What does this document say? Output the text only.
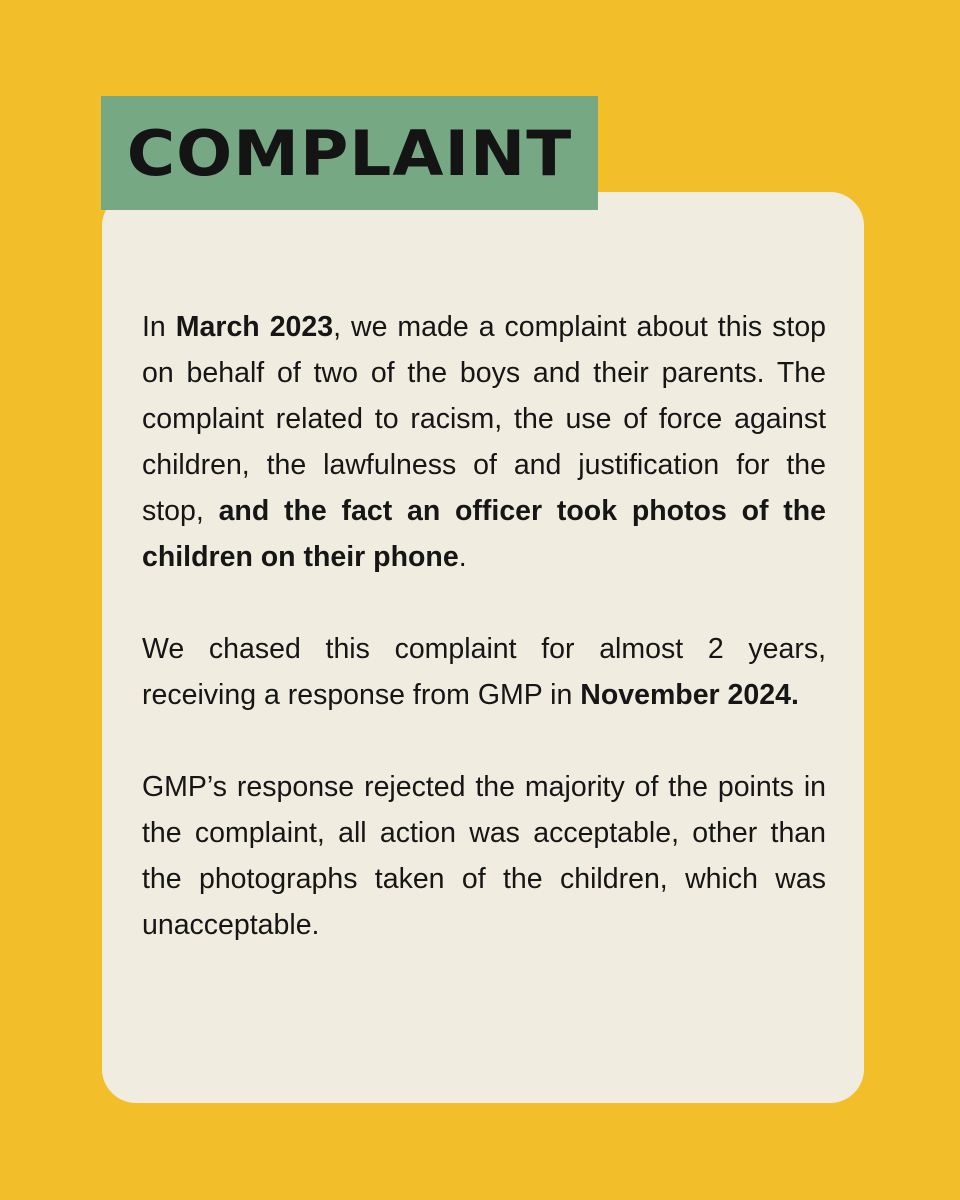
COMPLAINT

In March 2023, we made a complaint about this stop on behalf of two of the boys and their parents. The complaint related to racism, the use of force against children, the lawfulness of and justification for the stop, and the fact an officer took photos of the children on their phone.

We chased this complaint for almost 2 years, receiving a response from GMP in November 2024.

GMP’s response rejected the majority of the points in the complaint, all action was acceptable, other than the photographs taken of the children, which was unacceptable.
